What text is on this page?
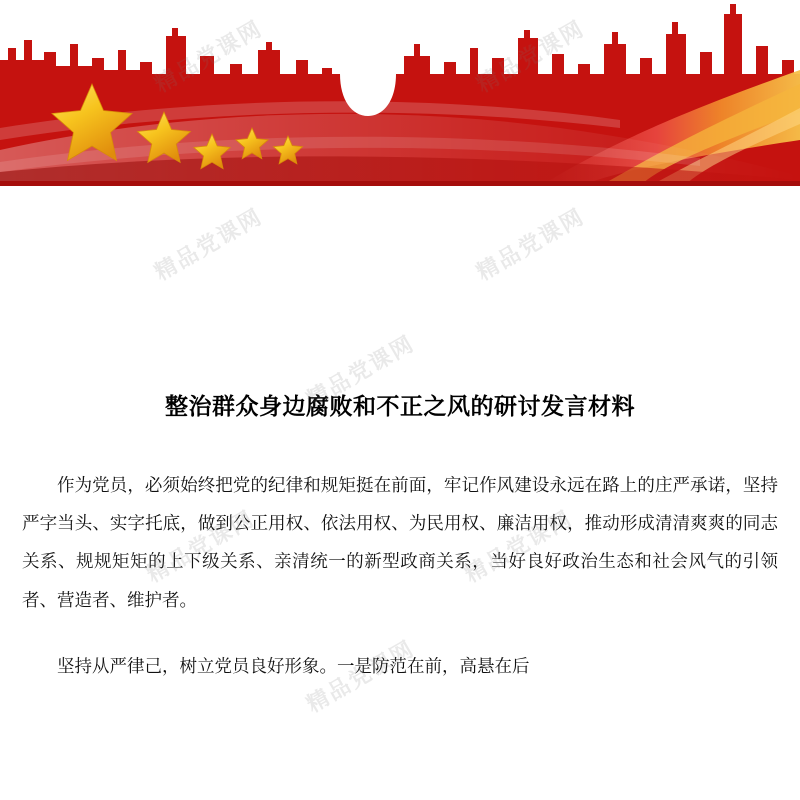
整治群众身边腐败和不正之风的研讨发言材料

作为党员，必须始终把党的纪律和规矩挺在前面，牢记作风建设永远在路上的庄严承诺，坚持严字当头、实字托底，做到公正用权、依法用权、为民用权、廉洁用权，推动形成清清爽爽的同志关系、规规矩矩的上下级关系、亲清统一的新型政商关系，当好良好政治生态和社会风气的引领者、营造者、维护者。

坚持从严律己，树立党员良好形象。一是防范在前，高悬在后

精品党课网	精品党课网
精品党课网
精品党课网	精品党课网
精品党课网
